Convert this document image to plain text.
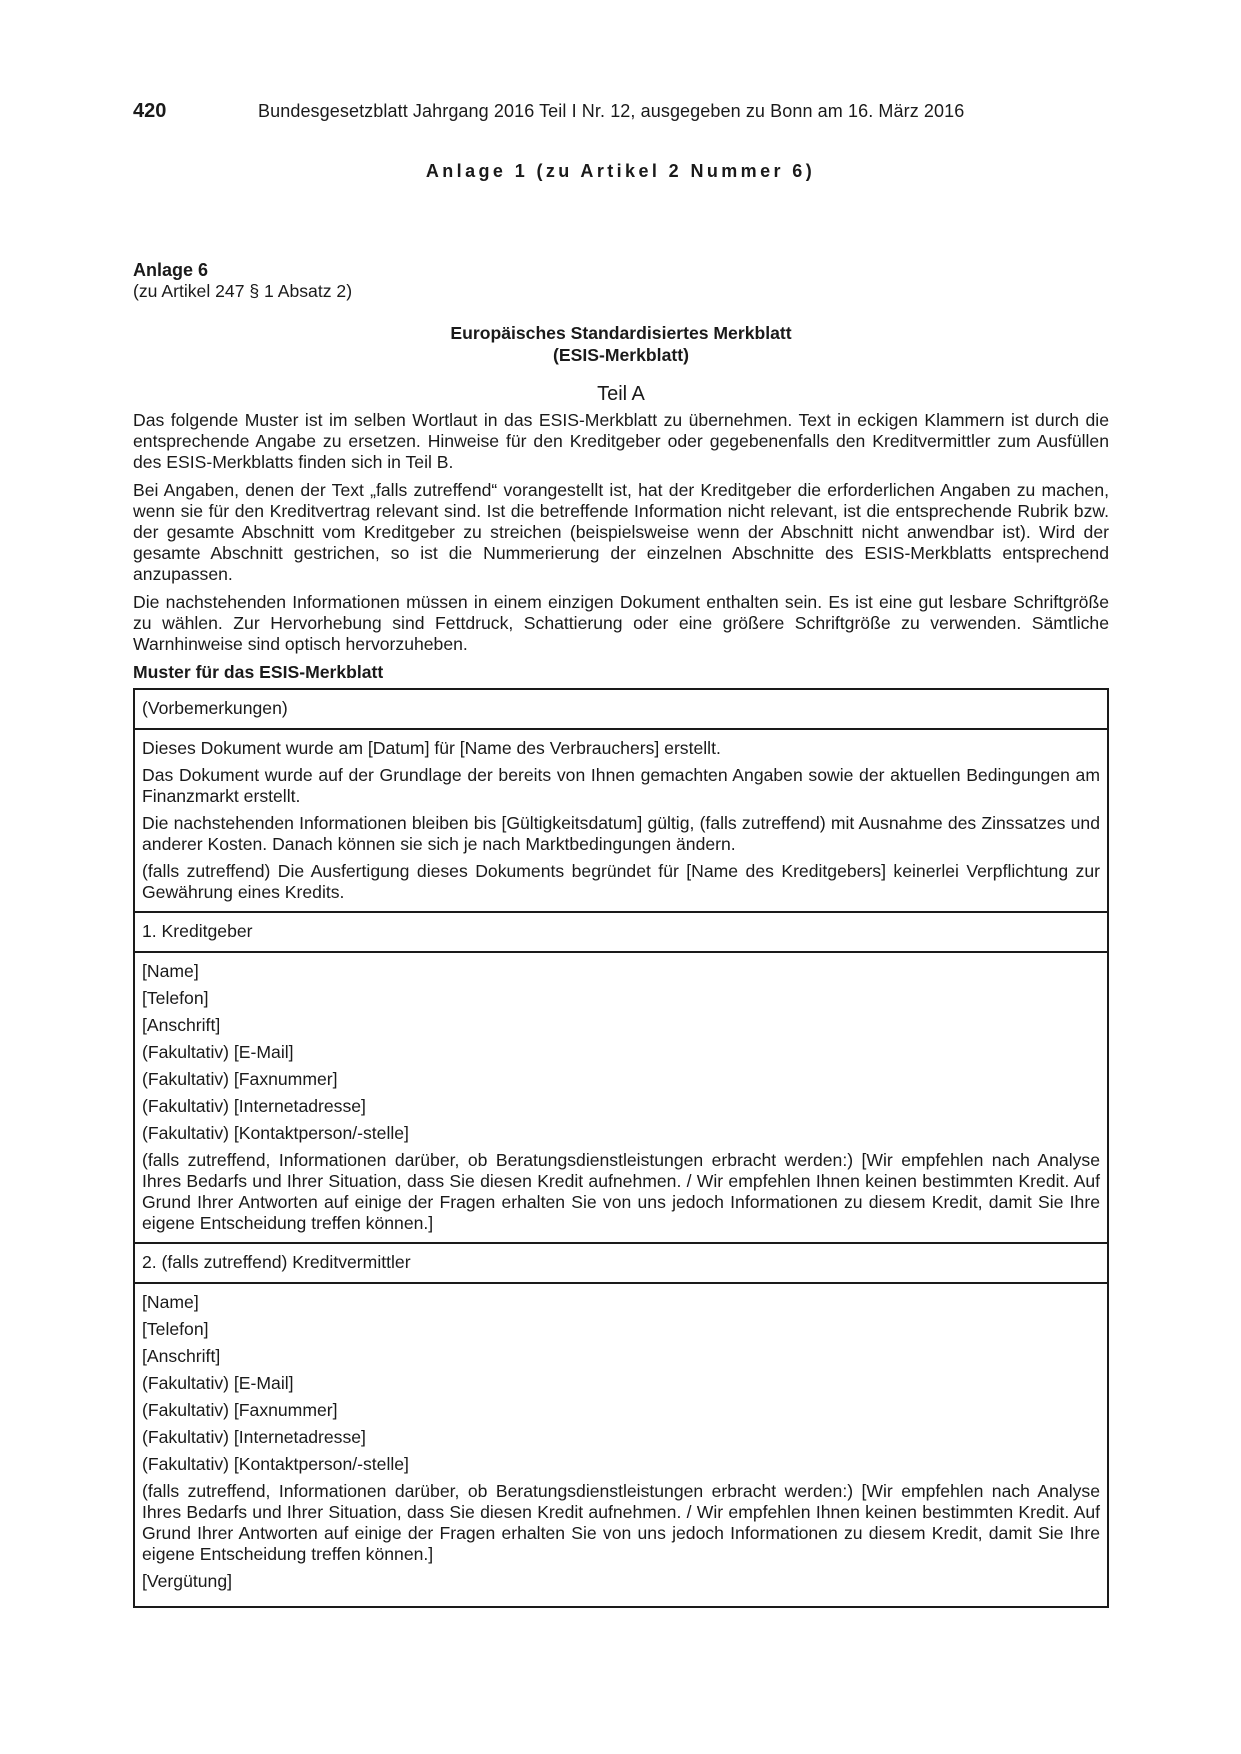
420	Bundesgesetzblatt Jahrgang 2016 Teil I Nr. 12, ausgegeben zu Bonn am 16. März 2016
Anlage 1 (zu Artikel 2 Nummer 6)
Anlage 6
(zu Artikel 247 § 1 Absatz 2)
Europäisches Standardisiertes Merkblatt
(ESIS-Merkblatt)
Teil A

Das folgende Muster ist im selben Wortlaut in das ESIS-Merkblatt zu übernehmen. Text in eckigen Klammern ist durch die entsprechende Angabe zu ersetzen. Hinweise für den Kreditgeber oder gegebenenfalls den Kreditvermittler zum Ausfüllen des ESIS-Merkblatts finden sich in Teil B.

Bei Angaben, denen der Text „falls zutreffend“ vorangestellt ist, hat der Kreditgeber die erforderlichen Angaben zu machen, wenn sie für den Kreditvertrag relevant sind. Ist die betreffende Information nicht relevant, ist die entsprechende Rubrik bzw. der gesamte Abschnitt vom Kreditgeber zu streichen (beispielsweise wenn der Abschnitt nicht anwendbar ist). Wird der gesamte Abschnitt gestrichen, so ist die Nummerierung der einzelnen Abschnitte des ESIS-Merkblatts entsprechend anzupassen.

Die nachstehenden Informationen müssen in einem einzigen Dokument enthalten sein. Es ist eine gut lesbare Schriftgröße zu wählen. Zur Hervorhebung sind Fettdruck, Schattierung oder eine größere Schriftgröße zu verwenden. Sämtliche Warnhinweise sind optisch hervorzuheben.

Muster für das ESIS-Merkblatt
(Vorbemerkungen)

Dieses Dokument wurde am [Datum] für [Name des Verbrauchers] erstellt.

Das Dokument wurde auf der Grundlage der bereits von Ihnen gemachten Angaben sowie der aktuellen Bedingungen am Finanzmarkt erstellt.

Die nachstehenden Informationen bleiben bis [Gültigkeitsdatum] gültig, (falls zutreffend) mit Ausnahme des Zinssatzes und anderer Kosten. Danach können sie sich je nach Marktbedingungen ändern.

(falls zutreffend) Die Ausfertigung dieses Dokuments begründet für [Name des Kreditgebers] keinerlei Verpflichtung zur Gewährung eines Kredits.

1. Kreditgeber
[Name]
[Telefon]
[Anschrift]
(Fakultativ) [E-Mail]
(Fakultativ) [Faxnummer]
(Fakultativ) [Internetadresse]
(Fakultativ) [Kontaktperson/-stelle]

(falls zutreffend, Informationen darüber, ob Beratungsdienstleistungen erbracht werden:) [Wir empfehlen nach Analyse Ihres Bedarfs und Ihrer Situation, dass Sie diesen Kredit aufnehmen. / Wir empfehlen Ihnen keinen bestimmten Kredit. Auf Grund Ihrer Antworten auf einige der Fragen erhalten Sie von uns jedoch Informationen zu diesem Kredit, damit Sie Ihre eigene Entscheidung treffen können.]

2. (falls zutreffend) Kreditvermittler
[Name]
[Telefon]
[Anschrift]
(Fakultativ) [E-Mail]
(Fakultativ) [Faxnummer]
(Fakultativ) [Internetadresse]
(Fakultativ) [Kontaktperson/-stelle]

(falls zutreffend, Informationen darüber, ob Beratungsdienstleistungen erbracht werden:) [Wir empfehlen nach Analyse Ihres Bedarfs und Ihrer Situation, dass Sie diesen Kredit aufnehmen. / Wir empfehlen Ihnen keinen bestimmten Kredit. Auf Grund Ihrer Antworten auf einige der Fragen erhalten Sie von uns jedoch Informationen zu diesem Kredit, damit Sie Ihre eigene Entscheidung treffen können.]

[Vergütung]
